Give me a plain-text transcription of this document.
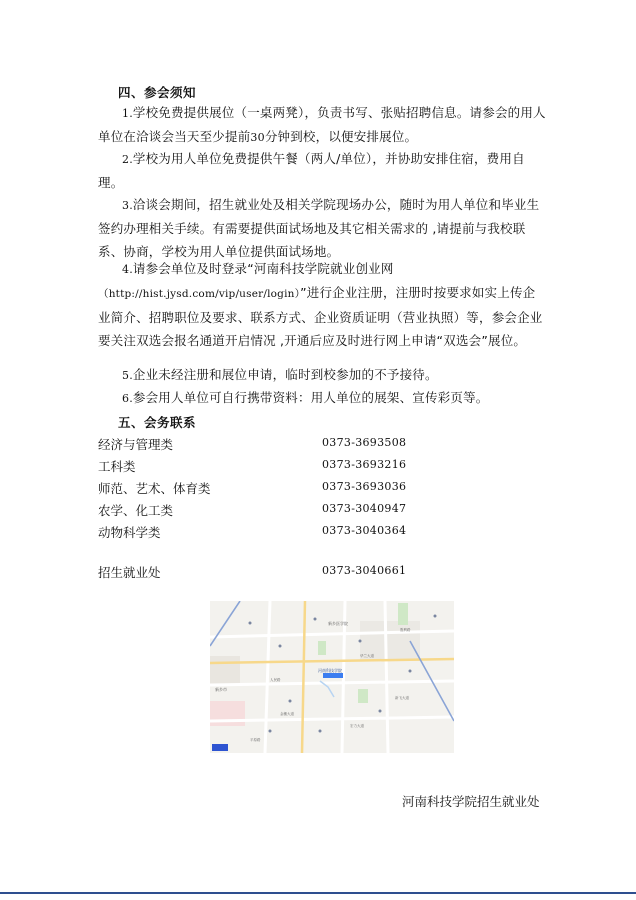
四、参会须知

1.学校免费提供展位（一桌两凳），负责书写、张贴招聘信息。请参会的用人单位在洽谈会当天至少提前30分钟到校，以便安排展位。

2.学校为用人单位免费提供午餐（两人/单位），并协助安排住宿，费用自理。

3.洽谈会期间，招生就业处及相关学院现场办公，随时为用人单位和毕业生签约办理相关手续。有需要提供面试场地及其它相关需求的 ,请提前与我校联系、协商，学校为用人单位提供面试场地。

4.请参会单位及时登录“河南科技学院就业创业网（http://hist.jysd.com/vip/user/login）”进行企业注册，注册时按要求如实上传企业简介、招聘职位及要求、联系方式、企业资质证明（营业执照）等，参会企业要关注双选会报名通道开启情况 ,开通后应及时进行网上申请“双选会”展位。

5.企业未经注册和展位申请，临时到校参加的不予接待。

6.参会用人单位可自行携带资料：用人单位的展架、宣传彩页等。

五、会务联系
经济与管理类	0373-3693508
工科类	0373-3693216
师范、艺术、体育类	0373-3693036
农学、化工类	0373-3040947
动物科学类	0373-3040364
招生就业处	0373-3040661
河南科技学院
新乡医学院
新乡市
华兰大道
人民路
金穗大道
宏力大道
新飞大道
平原路
胜利路
河南科技学院招生就业处
